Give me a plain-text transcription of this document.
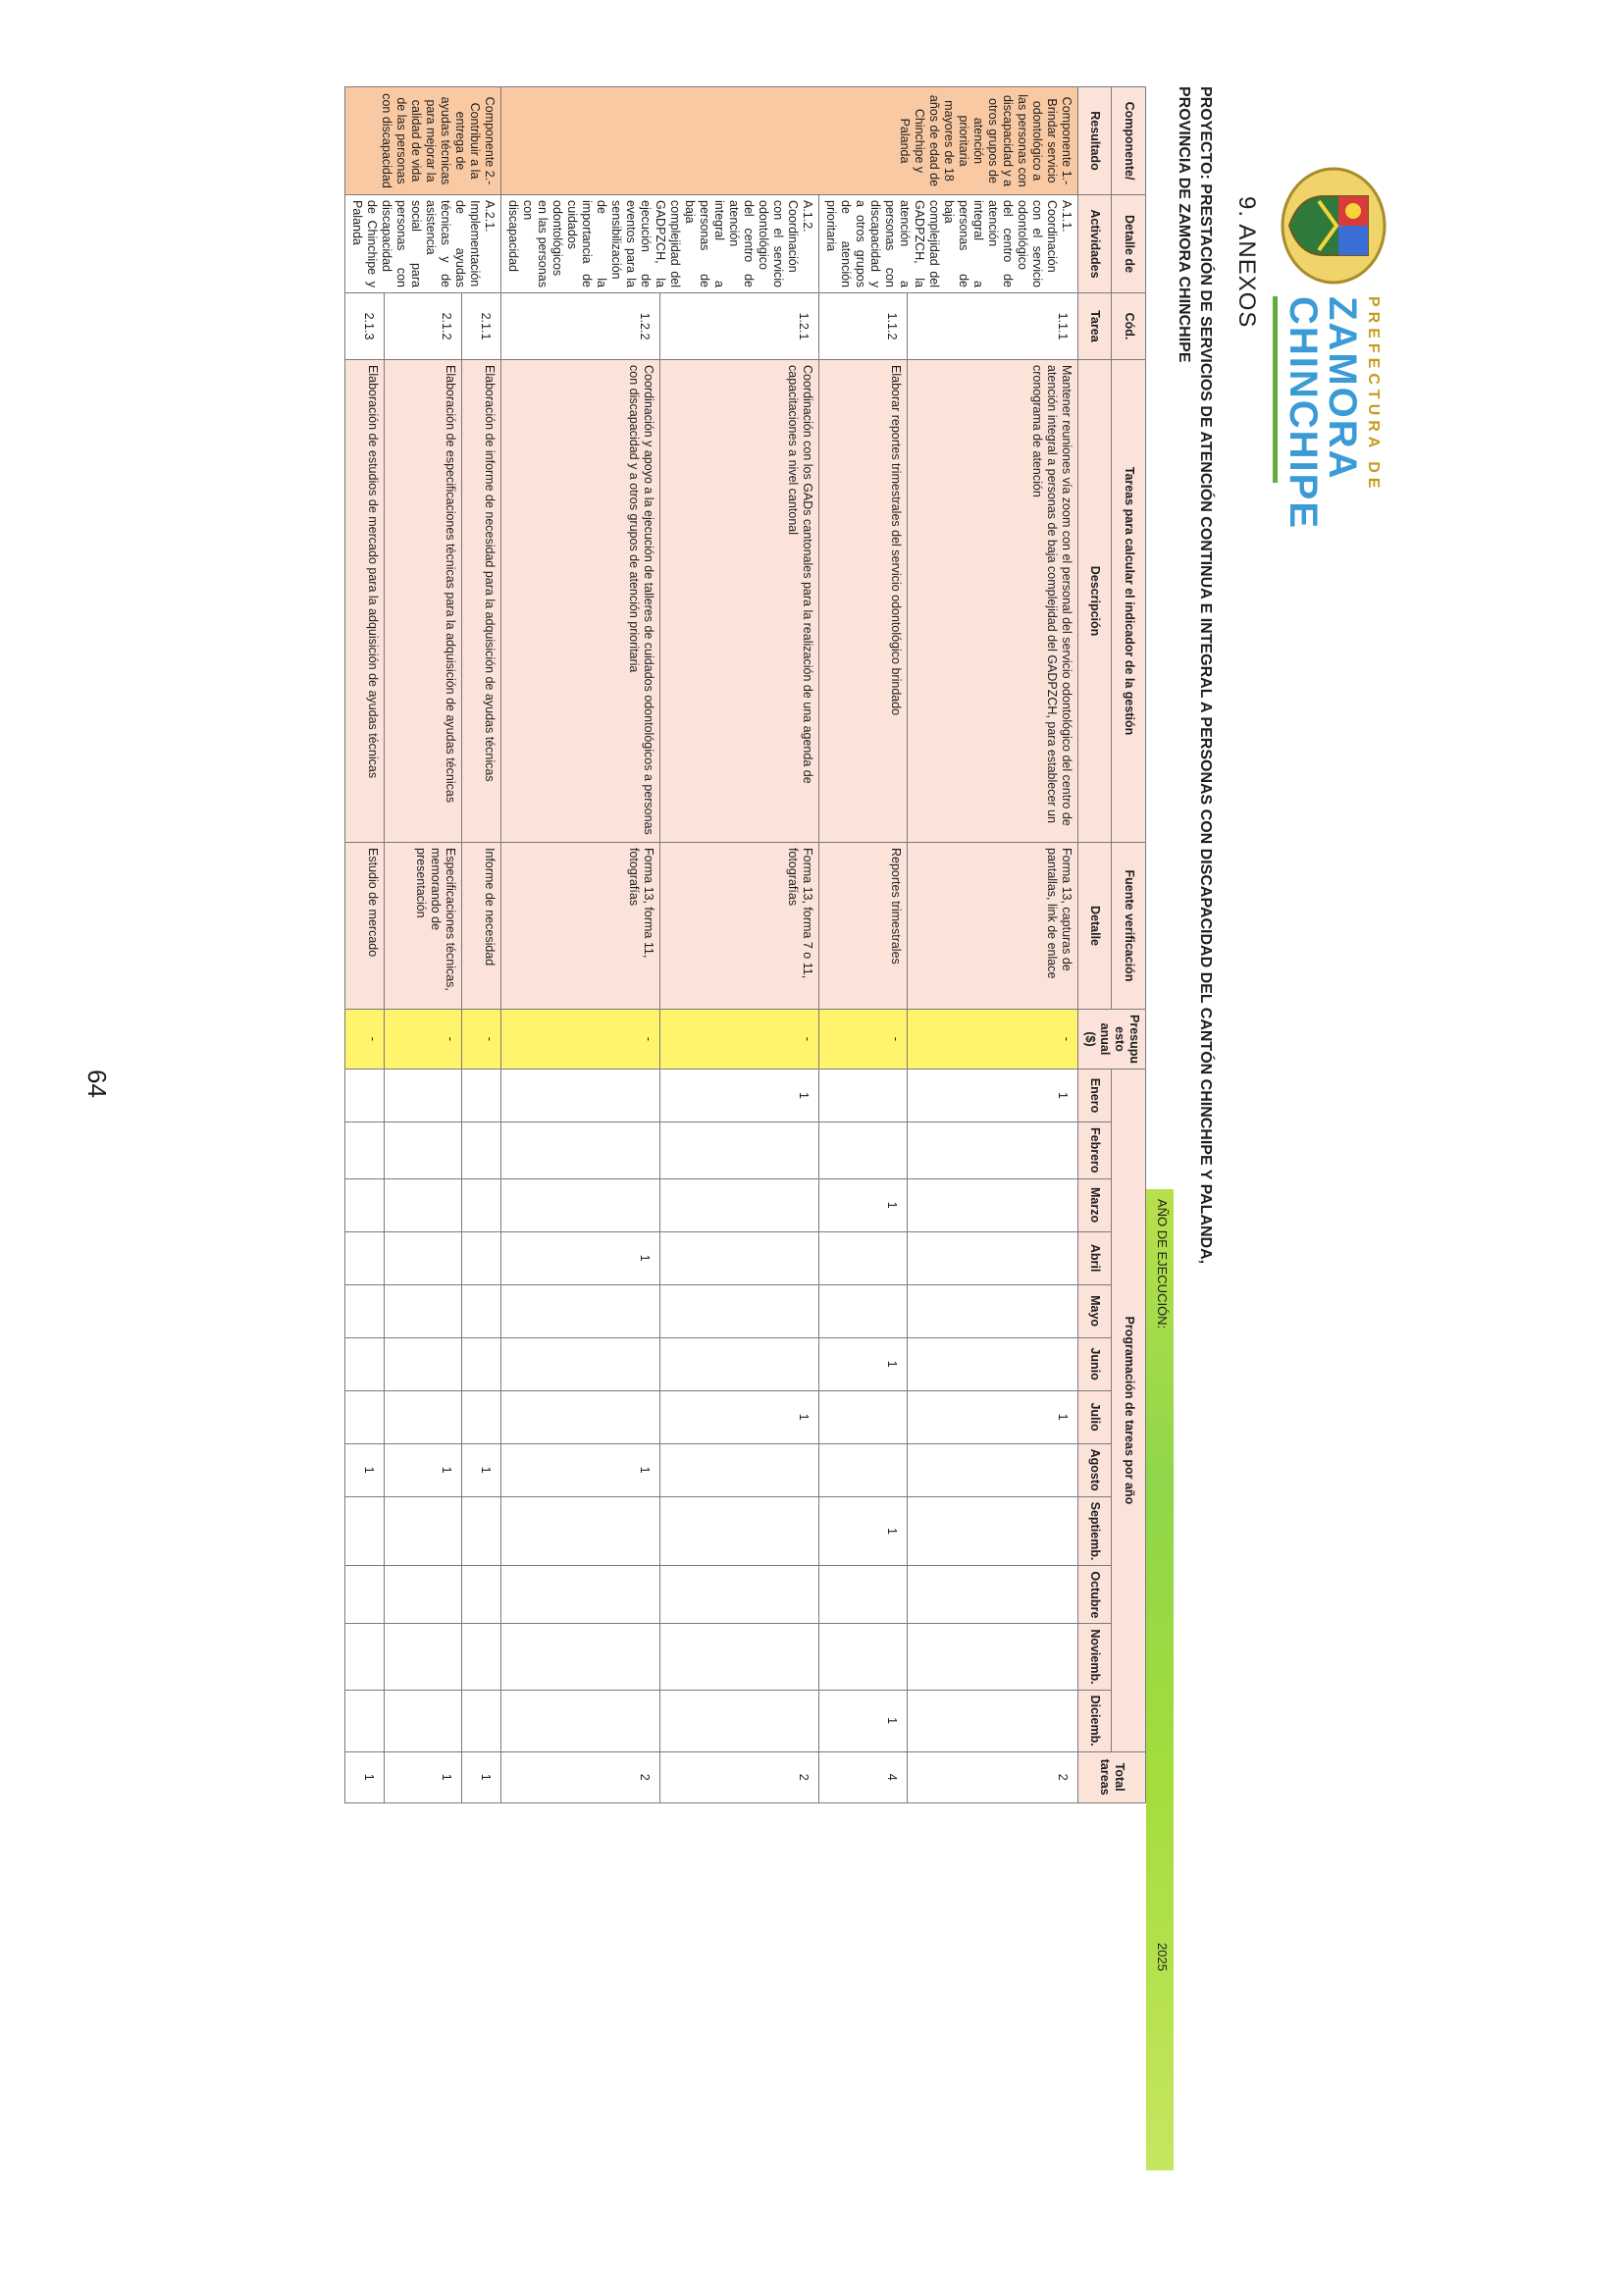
PREFECTURA DE
ZAMORA
CHINCHIPE
9. ANEXOS
PROYECTO: PRESTACIÓN DE SERVICIOS DE ATENCIÓN CONTINUA E INTEGRAL A PERSONAS CON DISCAPACIDAD DEL CANTÓN CHINCHIPE Y PALANDA, PROVINCIA DE ZAMORA CHINCHIPE
AÑO DE EJECUCIÓN:
2025
Componente/	Detalle de	Cód.	Tareas para calcular el indicador de la gestión	Fuente verificación	Presupu esto anual ($)	Programación de tareas por año												Total tareas
Resultado	Actividades	Tarea	Descripción	Detalle		Enero	Febrero	Marzo	Abril	Mayo	Junio	Julio	Agosto	Septiemb.	Octubre	Noviemb.	Diciemb.	
Componente 1.- Brindar servicio odontológico a las personas con discapacidad y a otros grupos de atención prioritaria mayores de 18 años de edad de Chinchipe y Palanda	A.1.1. Coordinación con el servicio odontológico del centro de atención integral a personas de baja complejidad del GADPZCH, la atención a personas con discapacidad y a otros grupos de atención prioritaria	1.1.1	Mantener reuniones vía zoom con el personal del servicio odontológico del centro de atención integral a personas de baja complejidad del GADPZCH, para establecer un cronograma de atención	Forma 13, capturas de pantallas, link de enlace	-	1						1						2
		1.1.2	Elaborar reportes trimestrales del servicio odontológico brindado	Reportes trimestrales	-			1			1			1			1	4
	A.1.2. Coordinación con el servicio odontológico del centro de atención integral a personas de baja complejidad del GADPZCH, la ejecución de eventos para la sensibilización de la importancia de cuidados odontológicos en las personas con discapacidad	1.2.1	Coordinación con los GADs cantonales para la realización de una agenda de capacitaciones a nivel cantonal	Forma 13, forma 7 o 11, fotografías	-	1						1						2
		1.2.2	Coordinación y apoyo a la ejecución de talleres de cuidados odontológicos a personas con discapacidad y a otros grupos de atención prioritaria	Forma 13, forma 11, fotografías	-				1				1					2
Componente 2.- Contribuir a la entrega de ayudas técnicas para mejorar la calidad de vida de las personas con discapacidad	A.2.1. Implementación de ayudas técnicas y de asistencia social para personas con discapacidad de Chinchipe y Palanda	2.1.1	Elaboración de informe de necesidad para la adquisición de ayudas técnicas	Informe de necesidad	-								1					1
		2.1.2	Elaboración de especificaciones técnicas para la adquisición de ayudas técnicas	Especificaciones técnicas, memorando de presentación	-								1					1
		2.1.3	Elaboración de estudios de mercado para la adquisición de ayudas técnicas	Estudio de mercado	-								1					1
64
